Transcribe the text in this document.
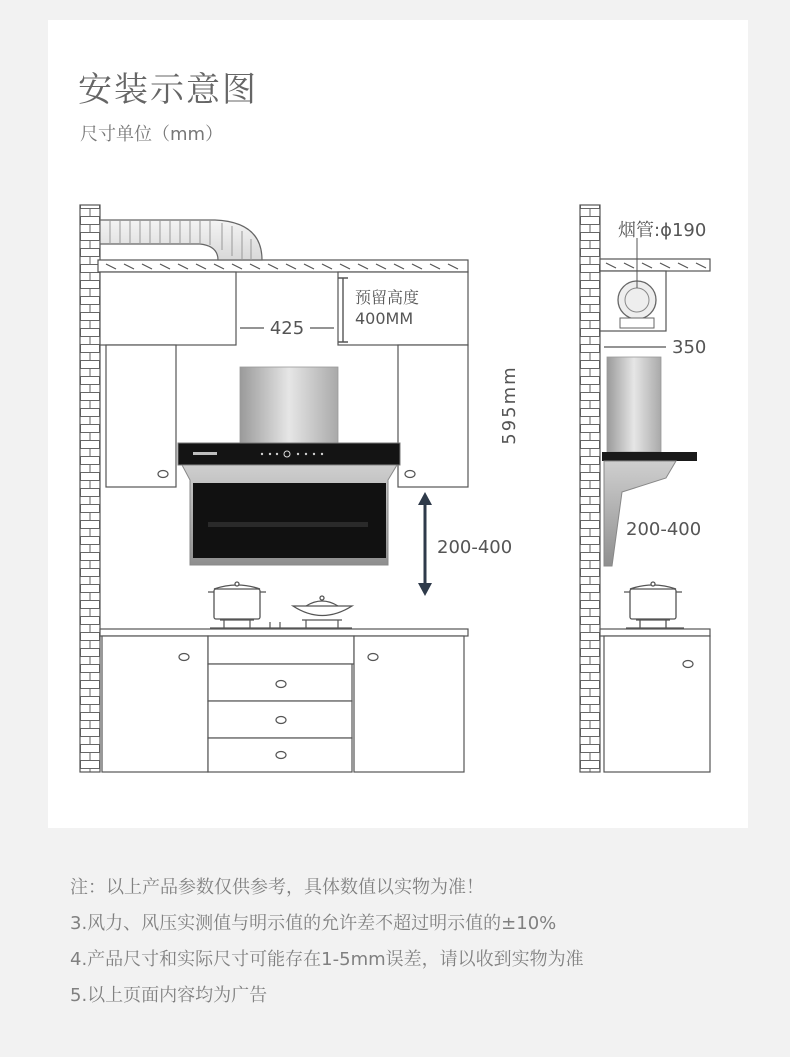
安装示意图
尺寸单位（mm）
预留高度
400MM
425
595mm
200-400
烟管:ϕ190
350
200-400
注：以上产品参数仅供参考，具体数值以实物为准！
3.风力、风压实测值与明示值的允许差不超过明示值的±10%
4.产品尺寸和实际尺寸可能存在1-5mm误差，请以收到实物为准
5.以上页面内容均为广告
